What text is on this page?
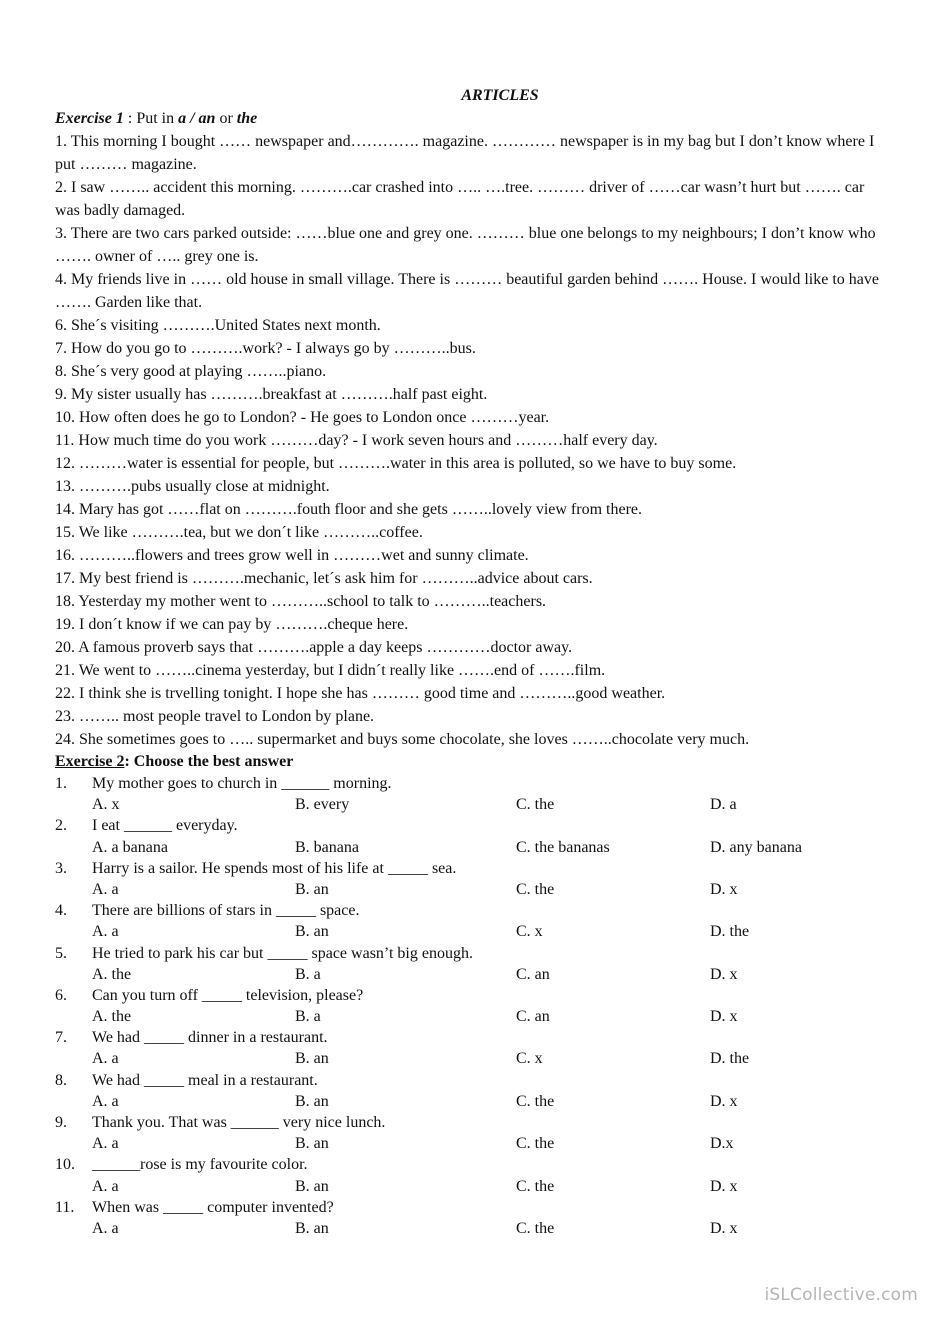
ARTICLES
Exercise 1 : Put in a / an or the

1. This morning I bought …… newspaper and…………. magazine. ………… newspaper is in my bag but I don’t know where I put ……… magazine.

2. I saw …….. accident this morning. ……….car crashed into ….. ….tree. ……… driver of ……car wasn’t hurt but ……. car was badly damaged.

3. There are two cars parked outside: ……blue one and grey one. ……… blue one belongs to my neighbours; I don’t know who ……. owner of ….. grey one is.

4. My friends live in …… old house in small village. There is ……… beautiful garden behind ……. House. I would like to have ……. Garden like that.

6. She´s visiting ……….United States next month.

7. How do you go to ……….work? - I always go by ………..bus.

8. She´s very good at playing ……..piano.

9. My sister usually has ……….breakfast at ……….half past eight.

10. How often does he go to London? - He goes to London once ………year.

11. How much time do you work ………day? - I work seven hours and ………half every day.

12. ………water is essential for people, but ……….water in this area is polluted, so we have to buy some.

13. ……….pubs usually close at midnight.

14. Mary has got ……flat on ……….fouth floor and she gets ……..lovely view from there.

15. We like ……….tea, but we don´t like ………..coffee.

16. ………..flowers and trees grow well in ………wet and sunny climate.

17. My best friend is ……….mechanic, let´s ask him for ………..advice about cars.

18. Yesterday my mother went to ………..school to talk to ………..teachers.

19. I don´t know if we can pay by ……….cheque here.

20. A famous proverb says that ……….apple a day keeps …………doctor away.

21. We went to ……..cinema yesterday, but I didn´t really like …….end of …….film.

22. I think she is trvelling tonight. I hope she has ……… good time and ………..good weather.

23. …….. most people travel to London by plane.

24. She sometimes goes to ….. supermarket and buys some chocolate, she loves ……..chocolate very much.

Exercise 2: Choose the best answer
1.	My mother goes to church in ______ morning.
A. x	B. every	C. the	D. a
2.	I eat ______ everyday.
A. a banana	B. banana	C. the bananas	D. any banana
3.	Harry is a sailor. He spends most of his life at _____ sea.
A. a	B. an	C. the	D. x
4.	There are billions of stars in _____ space.
A. a	B. an	C. x	D. the
5.	He tried to park his car but _____ space wasn’t big enough.
A. the	B. a	C. an	D. x
6.	Can you turn off _____ television, please?
A. the	B. a	C. an	D. x
7.	We had _____ dinner in a restaurant.
A. a	B. an	C. x	D. the
8.	We had _____ meal in a restaurant.
A. a	B. an	C. the	D. x
9.	Thank you. That was ______ very nice lunch.
A. a	B. an	C. the	D.x
10.	______rose is my favourite color.
A. a	B. an	C. the	D. x
11.	When was _____ computer invented?
A. a	B. an	C. the	D. x
iSLCollective.com
